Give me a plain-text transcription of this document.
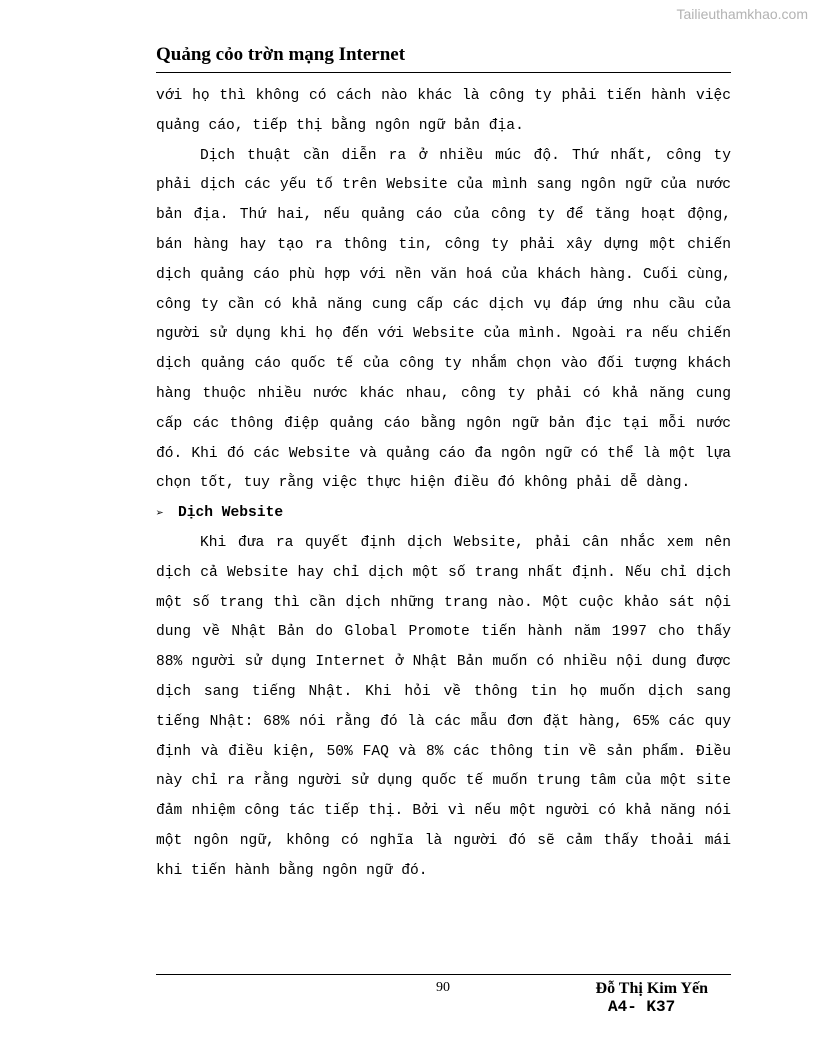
Tailieuthamkhao.com
Quảng cỏo trờn mạng Internet

với họ thì không có cách nào khác là công ty phải tiến hành việc quảng cáo, tiếp thị bằng ngôn ngữ bản địa.

Dịch thuật cần diễn ra ở nhiều múc độ. Thứ nhất, công ty phải dịch các yếu tố trên Website của mình sang ngôn ngữ của nước bản địa. Thứ hai, nếu quảng cáo của công ty để tăng hoạt động, bán hàng hay tạo ra thông tin, công ty phải xây dựng một chiến dịch quảng cáo phù hợp với nền văn hoá của khách hàng. Cuối cùng, công ty cần có khả năng cung cấp các dịch vụ đáp ứng nhu cầu của người sử dụng khi họ đến với Website của mình. Ngoài ra nếu chiến dịch quảng cáo quốc tế của công ty nhắm chọn vào đối tượng khách hàng thuộc nhiều nước khác nhau, công ty phải có khả năng cung cấp các thông điệp quảng cáo bằng ngôn ngữ bản địc tại mỗi nước đó. Khi đó các Website và quảng cáo đa ngôn ngữ có thể là một lựa chọn tốt, tuy rằng việc thực hiện điều đó không phải dễ dàng.

➢ Dịch Website

Khi đưa ra quyết định dịch Website, phải cân nhắc xem nên dịch cả Website hay chỉ dịch một số trang nhất định. Nếu chỉ dịch một số trang thì cần dịch những trang nào. Một cuộc khảo sát nội dung về Nhật Bản do Global Promote tiến hành năm 1997 cho thấy 88% người sử dụng Internet ở Nhật Bản muốn có nhiều nội dung được dịch sang tiếng Nhật. Khi hỏi về thông tin họ muốn dịch sang tiếng Nhật: 68% nói rằng đó là các mẫu đơn đặt hàng, 65% các quy định và điều kiện, 50% FAQ và 8% các thông tin về sản phẩm. Điều này chỉ ra rằng người sử dụng quốc tế muốn trung tâm của một site đảm nhiệm công tác tiếp thị. Bởi vì nếu một người có khả năng nói một ngôn ngữ, không có nghĩa là người đó sẽ cảm thấy thoải mái khi tiến hành bằng ngôn ngữ đó.

90	Đỗ Thị Kim Yến
A4- K37
